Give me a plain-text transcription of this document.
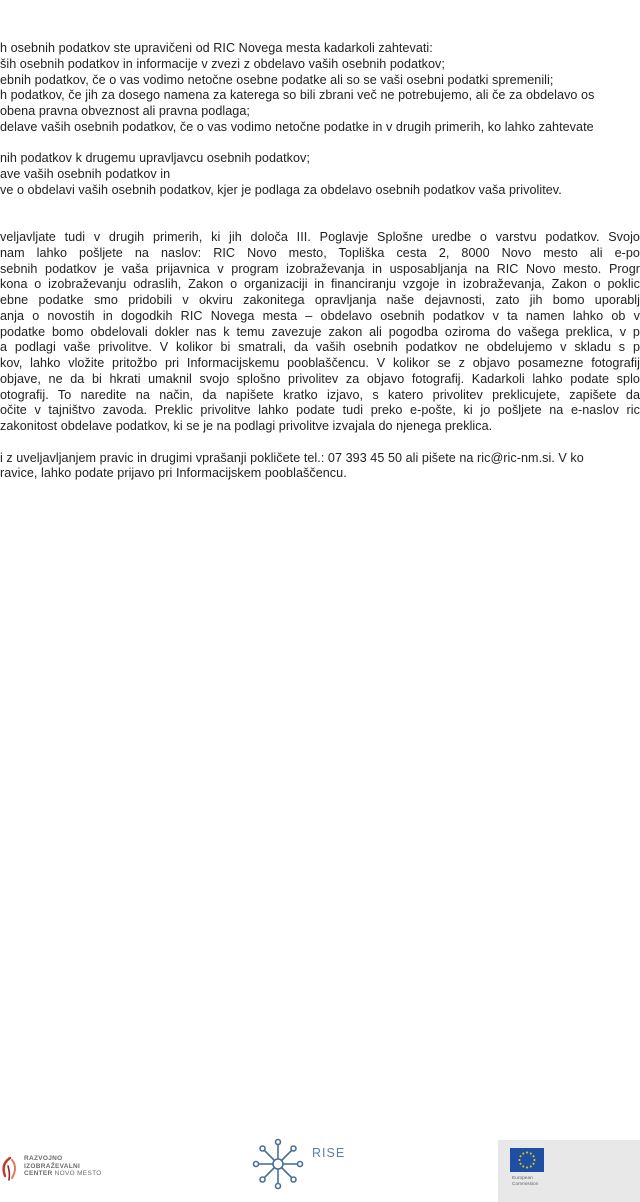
h osebnih podatkov ste upravičeni od RIC Novega mesta kadarkoli zahtevati:
ših osebnih podatkov in informacije v zvezi z obdelavo vaših osebnih podatkov;
ebnih podatkov, če o vas vodimo netočne osebne podatke ali so se vaši osebni podatki spremenili;
h podatkov, če jih za dosego namena za katerega so bili zbrani več ne potrebujemo, ali če za obdelavo os
obena pravna obveznost ali pravna podlaga;
delave vaših osebnih podatkov, če o vas vodimo netočne podatke in v drugih primerih, ko lahko zahtevate
nih podatkov k drugemu upravljavcu osebnih podatkov;
ave vaših osebnih podatkov in
ve o obdelavi vaših osebnih podatkov, kjer je podlaga za obdelavo osebnih podatkov vaša privolitev.
veljavljate tudi v drugih primerih, ki jih določa III. Poglavje Splošne uredbe o varstvu podatkov. Svojo
nam lahko pošljete na naslov: RIC Novo mesto, Topliška cesta 2, 8000 Novo mesto ali e-po
sebnih podatkov je vaša prijavnica v program izobraževanja in usposabljanja na RIC Novo mesto. Progr
kona o izobraževanju odraslih, Zakon o organizaciji in financiranju vzgoje in izobraževanja, Zakon o poklic
ebne podatke smo pridobili v okviru zakonitega opravljanja naše dejavnosti, zato jih bomo uporablj
anja o novostih in dogodkih RIC Novega mesta – obdelavo osebnih podatkov v ta namen lahko ob v
podatke bomo obdelovali dokler nas k temu zavezuje zakon ali pogodba oziroma do vašega preklica, v p
a podlagi vaše privolitve. V kolikor bi smatrali, da vaših osebnih podatkov ne obdelujemo v skladu s p
kov, lahko vložite pritožbo pri Informacijskemu pooblaščencu. V kolikor se z objavo posamezne fotografij
objave, ne da bi hkrati umaknil svojo splošno privolitev za objavo fotografij. Kadarkoli lahko podate splo
otografij. To naredite na način, da napišete kratko izjavo, s katero privolitev preklicujete, zapišete da
očite v tajništvo zavoda. Preklic privolitve lahko podate tudi preko e-pošte, ki jo pošljete na e-naslov ric
zakonitost obdelave podatkov, ki se je na podlagi privolitve izvajala do njenega preklica.
i z uveljavljanjem pravic in drugimi vprašanji pokličete tel.: 07 393 45 50 ali pišete na ric@ric-nm.si. V ko
ravice, lahko podate prijavo pri Informacijskem pooblaščencu.
RAZVOJNO
IZOBRAŽEVALNI
CENTER NOVO MESTO
RISE
European
Commission
